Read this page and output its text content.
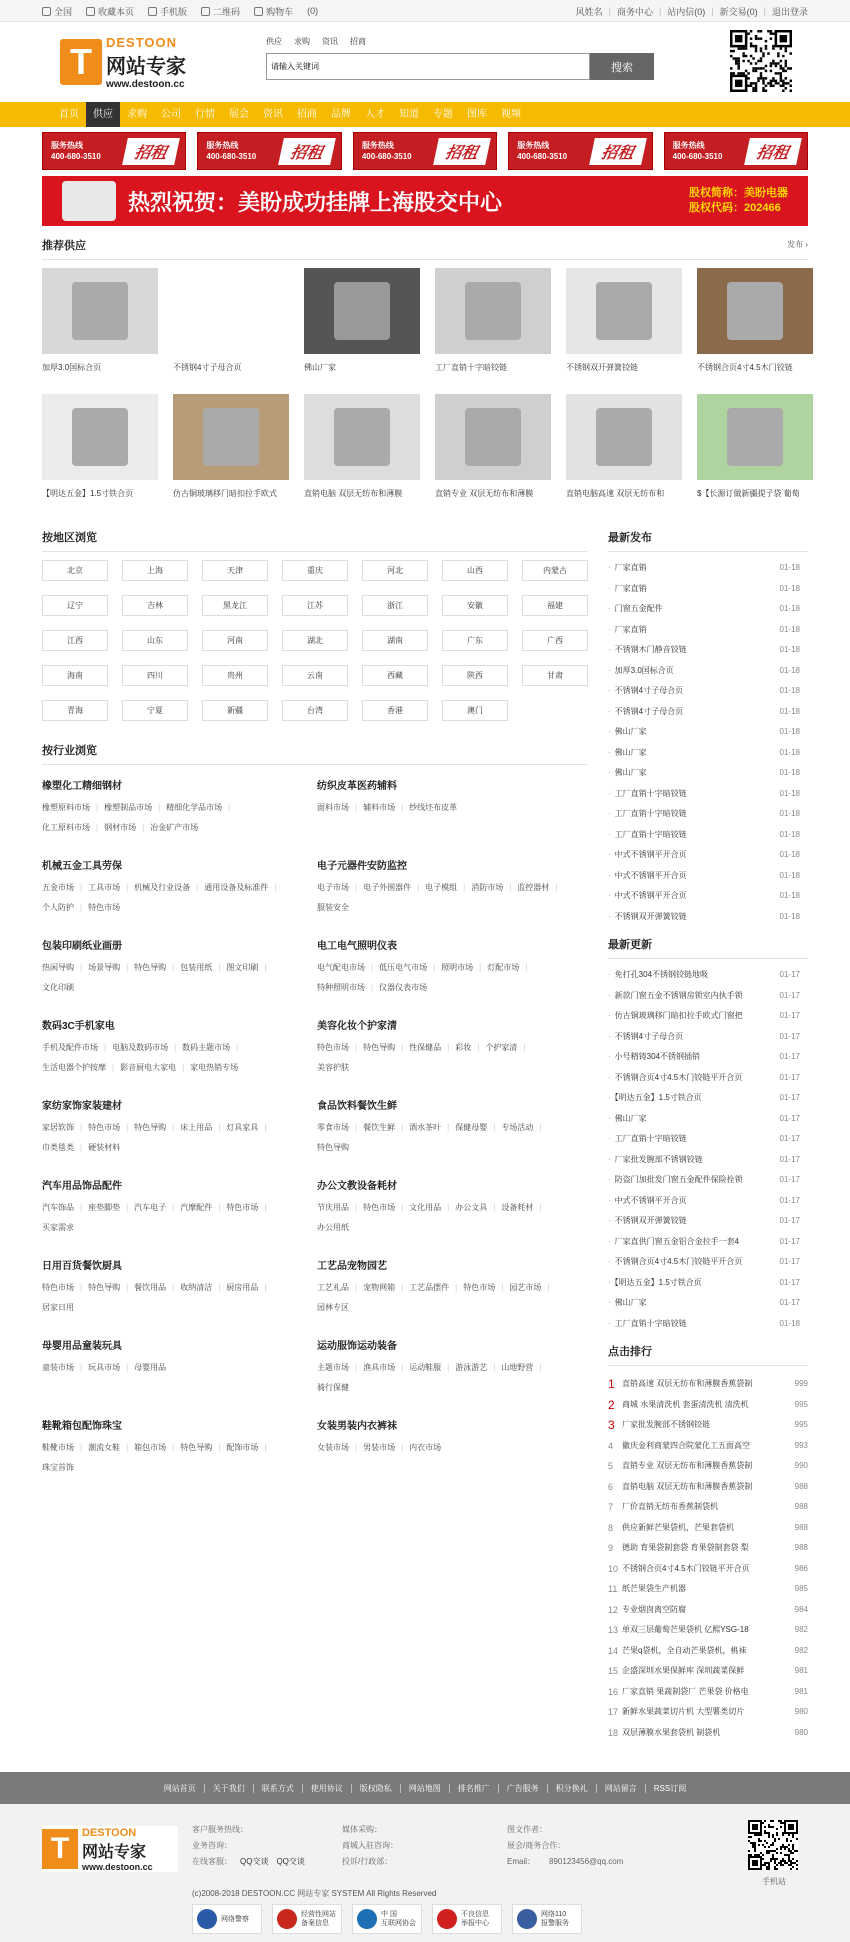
全国	收藏本页	手机版	二维码	购物车 (0)	风姓名 | 商务中心 | 站内信(0) | 新交易(0) | 退出登录
T	DESTOON
网站专家
www.destoon.cc
供应 求购 资讯 招商
请输入关键词
搜索
首页	供应	求购	公司	行情	展会	资讯	招商	品牌	人才	知道	专题	图库	视频
服务热线
400-680-3510	招租	服务热线
400-680-3510	招租	服务热线
400-680-3510	招租	服务热线
400-680-3510	招租	服务热线
400-680-3510	招租
热烈祝贺：美盼成功挂牌上海股交中心	股权简称：美盼电器
股权代码：202466
推荐供应	发布 ›
加厚3.0国标合页	不锈钢4寸子母合页	佛山厂家	工厂直销十字暗铰链	不锈钢双开弹簧铰链	不锈钢合页4寸4.5木门铰链
【明达五金】1.5寸铁合页	仿古铜玻璃移门暗扣拉手欧式	直销电脑 双层无纺布和薄膜	直销专业 双层无纺布和薄膜	直销电脑高速 双层无纺布和	$【长源订做新疆提子袋 葡萄
按地区浏览
北京	上海	天津	重庆	河北	山西	内蒙古
辽宁	吉林	黑龙江	江苏	浙江	安徽	福建
江西	山东	河南	湖北	湖南	广东	广西
海南	四川	贵州	云南	西藏	陕西	甘肃
青海	宁夏	新疆	台湾	香港	澳门
按行业浏览
橡塑化工精细钢材
橡塑原料市场 |	橡塑制品市场 |	精细化学品市场 |
化工原料市场 |	钢材市场 |	冶金矿产市场
纺织皮革医药辅料
面料市场 |	辅料市场 |	纱线坯布皮革
机械五金工具劳保
五金市场 |	工具市场 |	机械及行业设备 |	通用设备及标准件 |
个人防护 |	特色市场
电子元器件安防监控
电子市场 |	电子外围器件 |	电子模组 |	消防市场 |	监控器材 |
服装安全
包装印刷纸业画册
热闲导购 |	场景导购 |	特色导购 |	包装用纸 |	图文印刷 |
文化印刷
电工电气照明仪表
电气配电市场 |	低压电气市场 |	照明市场 |	灯配市场 |
特种照明市场 |	仪器仪表市场
数码3C手机家电
手机及配件市场 |	电脑及数码市场 |	数码主题市场 |
生活电器个护按摩 |	影音厨电大家电 |	家电热销专场
美容化妆个护家清
特色市场 |	特色导购 |	性保健品 |	彩妆 |	个护家清 |
美容护肤
家纺家饰家装建材
家居软饰 |	特色市场 |	特色导购 |	床上用品 |	灯具家具 |
巾类毯类 |	硬装材料
食品饮料餐饮生鲜
零食市场 |	餐饮生鲜 |	酒水茶叶 |	保健母婴 |	专场活动 |
特色导购
汽车用品饰品配件
汽车饰品 |	座垫脚垫 |	汽车电子 |	汽摩配件 |	特色市场 |
买家需求
办公文教设备耗材
节庆用品 |	特色市场 |	文化用品 |	办公文具 |	设备耗材 |
办公用纸
日用百货餐饮厨具
特色市场 |	特色导购 |	餐饮用品 |	收纳清洁 |	厨房用品 |
居家日用
工艺品宠物园艺
工艺礼品 |	宠物网箱 |	工艺品摆件 |	特色市场 |	园艺市场 |
园林专区
母婴用品童装玩具
童装市场 |	玩具市场 |	母婴用品
运动服饰运动装备
主题市场 |	渔具市场 |	运动鞋服 |	游泳游艺 |	山地野营 |
骑行保健
鞋靴箱包配饰珠宝
鞋靴市场 |	潮流女鞋 |	箱包市场 |	特色导购 |	配饰市场 |
珠宝首饰
女装男装内衣裤袜
女装市场 |	男装市场 |	内衣市场
最新发布
· 厂家直销	01-18
· 厂家直销	01-18
· 门窗五金配件	01-18
· 厂家直销	01-18
· 不锈钢木门静音铰链	01-18
· 加厚3.0国标合页	01-18
· 不锈钢4寸子母合页	01-18
· 不锈钢4寸子母合页	01-18
· 佛山厂家	01-18
· 佛山厂家	01-18
· 佛山厂家	01-18
· 工厂直销十字暗铰链	01-18
· 工厂直销十字暗铰链	01-18
· 工厂直销十字暗铰链	01-18
· 中式不锈钢平开合页	01-18
· 中式不锈钢平开合页	01-18
· 中式不锈钢平开合页	01-18
· 不锈钢双开弹簧铰链	01-18
最新更新
· 免打孔304不锈钢铰链地吸	01-17
· 新款门窗五金不锈钢房锁室内执手锁	01-17
· 仿古铜玻璃移门暗扣拉手欧式门窗把	01-17
· 不锈钢4寸子母合页	01-17
· 小号精铸304不锈钢插销	01-17
· 不锈钢合页4寸4.5木门铰链平开合页	01-17
· 【明达五金】1.5寸铁合页	01-17
· 佛山厂家	01-17
· 工厂直销十字暗铰链	01-17
· 厂家批发腕部不锈钢铰链	01-17
· 防盗门加批发门窗五金配件保险拴锁	01-17
· 中式不锈钢平开合页	01-17
· 不锈钢双开弹簧铰链	01-17
· 厂家直供门窗五金铝合金拉手一套4	01-17
· 不锈钢合页4寸4.5木门铰链平开合页	01-17
· 【明达五金】1.5寸铁合页	01-17
· 佛山厂家	01-17
· 工厂直销十字暗铰链	01-18
点击排行
1 直销高速 双层无纺布和薄膜香蕉袋制	999
2 商城 水果清洗机 套蛋清洗机 清洗机	995
3 厂家批发腕部不锈钢铰链	995
4	徽庆金利商蒙四合院蒙化工五面高空	993
5	直销专业 双层无纺布和薄膜香蕉袋制	990
6	直销电脑 双层无纺布和薄膜香蕉袋制	988
7	厂价直销无纺布香蕉制袋机	988
8	供应新鲜芒果袋机，芒果套袋机	988
9	德助 育果袋制套袋 育果袋制套袋 梨	988
10 不锈钢合页4寸4.5木门铰链平开合页	986
11 纸芒果袋生产机器	985
12 专业烟囱离空防腐	984
13 单双三层葡萄芒果袋机 亿熙YSG-18	982
14 芒果q袋机，全自动芒果袋机，桃袜	982
15 企盛深圳水果保鲜库 深圳蔬菜保鲜	981
16 厂家直销 果蔬制袋厂 芒果袋 价格电	981
17 新鲜水果蔬菜切片机 大型薯类切片	980
18 双层薄膜水果套袋机 制袋机	980
网站首页	关于我们	联系方式	使用协议	版权隐私	网站地图	排名推广	广告服务	积分换礼	网站留言	RSS订阅
T	DESTOON
网站专家
www.destoon.cc
客户服务热线：
业务咨询：
在线客服： QQ交谈 QQ交谈
媒体采购：
商城入驻咨询：
投诉/行政部：
图文作者：
展会/商务合作：
Email： 890123456@qq.com
手机站
(c)2008-2018 DESTOON.CC 网站专家 SYSTEM All Rights Reserved
网络警察
经营性网站
备案信息
中 国
互联网协会
不良信息
举报中心
网络110
报警服务
